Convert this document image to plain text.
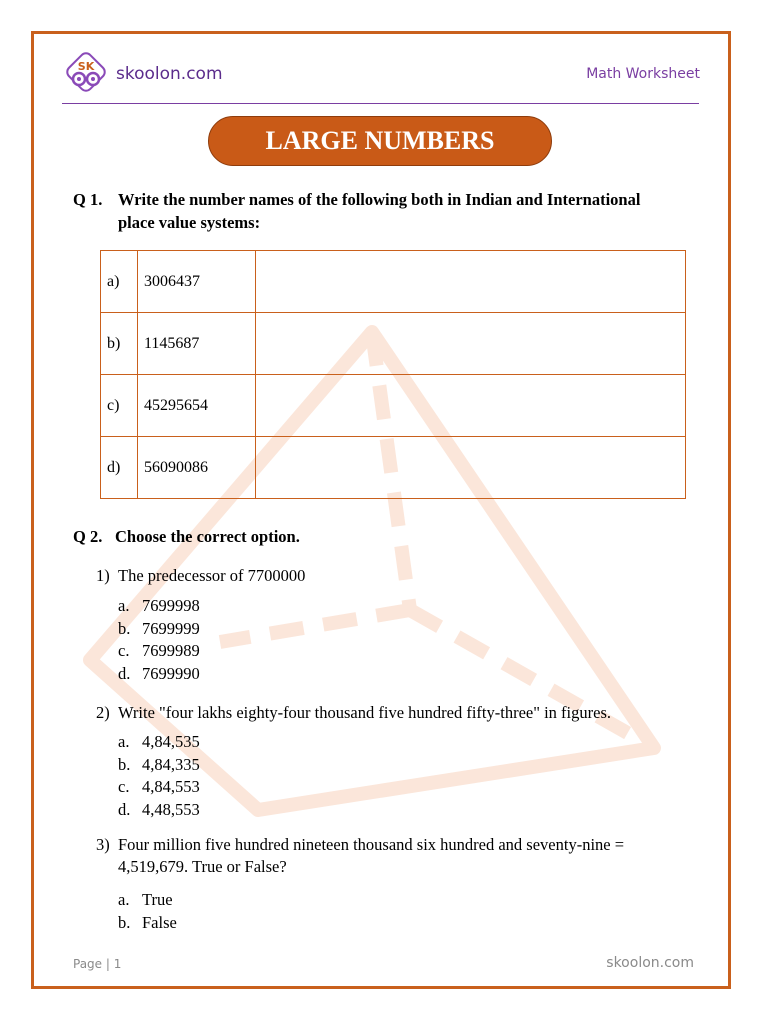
SK skoolon.com	Math Worksheet
LARGE NUMBERS
Q 1. Write the number names of the following both in Indian and International
place value systems:
a)	3006437	
b)	1145687	
c)	45295654	
d)	56090086	
Q 2. Choose the correct option.
1) The predecessor of 7700000
a. 7699998
b. 7699999
c. 7699989
d. 7699990
2) Write "four lakhs eighty-four thousand five hundred fifty-three" in figures.
a. 4,84,535
b. 4,84,335
c. 4,84,553
d. 4,48,553
3) Four million five hundred nineteen thousand six hundred and seventy-nine =
4,519,679. True or False?
a. True
b. False
Page | 1	skoolon.com
